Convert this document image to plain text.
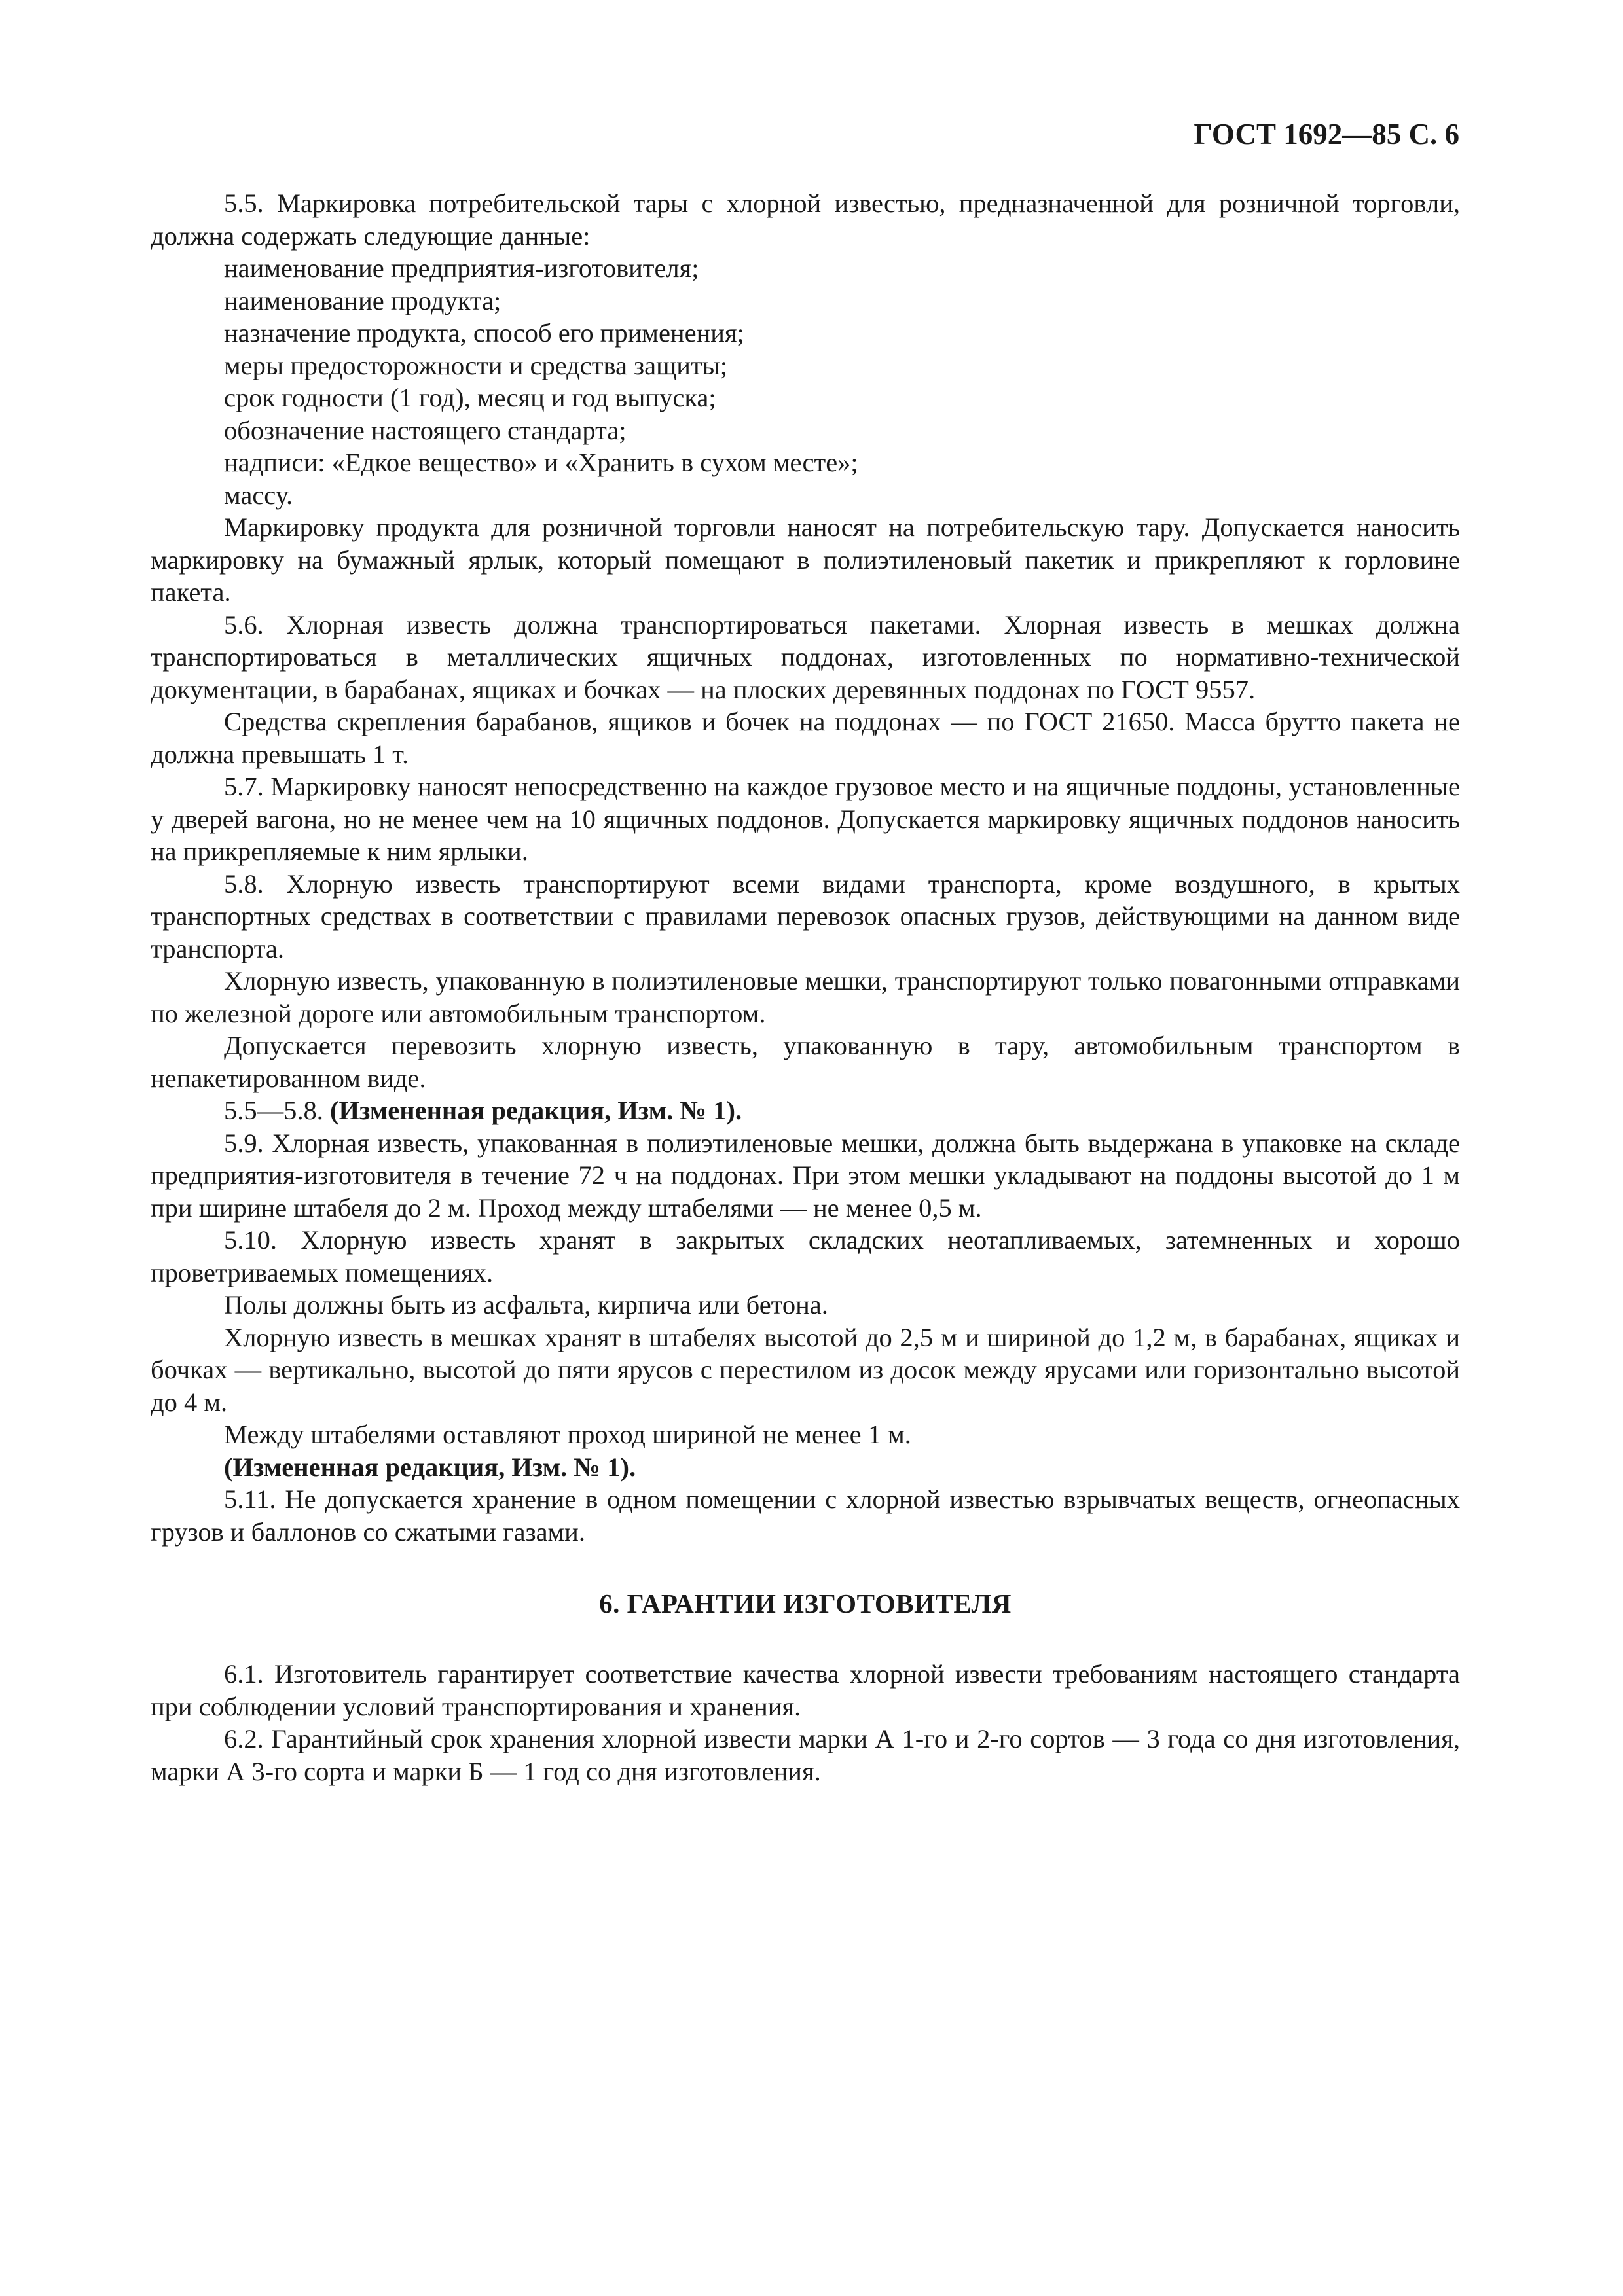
ГОСТ 1692—85 С. 6

5.5. Маркировка потребительской тары с хлорной известью, предназначенной для розничной торговли, должна содержать следующие данные:

наименование предприятия-изготовителя;

наименование продукта;

назначение продукта, способ его применения;

меры предосторожности и средства защиты;

срок годности (1 год), месяц и год выпуска;

обозначение настоящего стандарта;

надписи: «Едкое вещество» и «Хранить в сухом месте»;

массу.

Маркировку продукта для розничной торговли наносят на потребительскую тару. Допускается наносить маркировку на бумажный ярлык, который помещают в полиэтиленовый пакетик и прикрепляют к горловине пакета.

5.6. Хлорная известь должна транспортироваться пакетами. Хлорная известь в мешках должна транспортироваться в металлических ящичных поддонах, изготовленных по нормативно-технической документации, в барабанах, ящиках и бочках — на плоских деревянных поддонах по ГОСТ 9557.

Средства скрепления барабанов, ящиков и бочек на поддонах — по ГОСТ 21650. Масса брутто пакета не должна превышать 1 т.

5.7. Маркировку наносят непосредственно на каждое грузовое место и на ящичные поддоны, установленные у дверей вагона, но не менее чем на 10 ящичных поддонов. Допускается маркировку ящичных поддонов наносить на прикрепляемые к ним ярлыки.

5.8. Хлорную известь транспортируют всеми видами транспорта, кроме воздушного, в крытых транспортных средствах в соответствии с правилами перевозок опасных грузов, действующими на данном виде транспорта.

Хлорную известь, упакованную в полиэтиленовые мешки, транспортируют только повагонными отправками по железной дороге или автомобильным транспортом.

Допускается перевозить хлорную известь, упакованную в тару, автомобильным транспортом в непакетированном виде.

5.5—5.8. (Измененная редакция, Изм. № 1).

5.9. Хлорная известь, упакованная в полиэтиленовые мешки, должна быть выдержана в упаковке на складе предприятия-изготовителя в течение 72 ч на поддонах. При этом мешки укладывают на поддоны высотой до 1 м при ширине штабеля до 2 м. Проход между штабелями — не менее 0,5 м.

5.10. Хлорную известь хранят в закрытых складских неотапливаемых, затемненных и хорошо проветриваемых помещениях.

Полы должны быть из асфальта, кирпича или бетона.

Хлорную известь в мешках хранят в штабелях высотой до 2,5 м и шириной до 1,2 м, в барабанах, ящиках и бочках — вертикально, высотой до пяти ярусов с перестилом из досок между ярусами или горизонтально высотой до 4 м.

Между штабелями оставляют проход шириной не менее 1 м.

(Измененная редакция, Изм. № 1).

5.11. Не допускается хранение в одном помещении с хлорной известью взрывчатых веществ, огнеопасных грузов и баллонов со сжатыми газами.

6. ГАРАНТИИ ИЗГОТОВИТЕЛЯ

6.1. Изготовитель гарантирует соответствие качества хлорной извести требованиям настоящего стандарта при соблюдении условий транспортирования и хранения.

6.2. Гарантийный срок хранения хлорной извести марки А 1-го и 2-го сортов — 3 года со дня изготовления, марки А 3-го сорта и марки Б — 1 год со дня изготовления.
